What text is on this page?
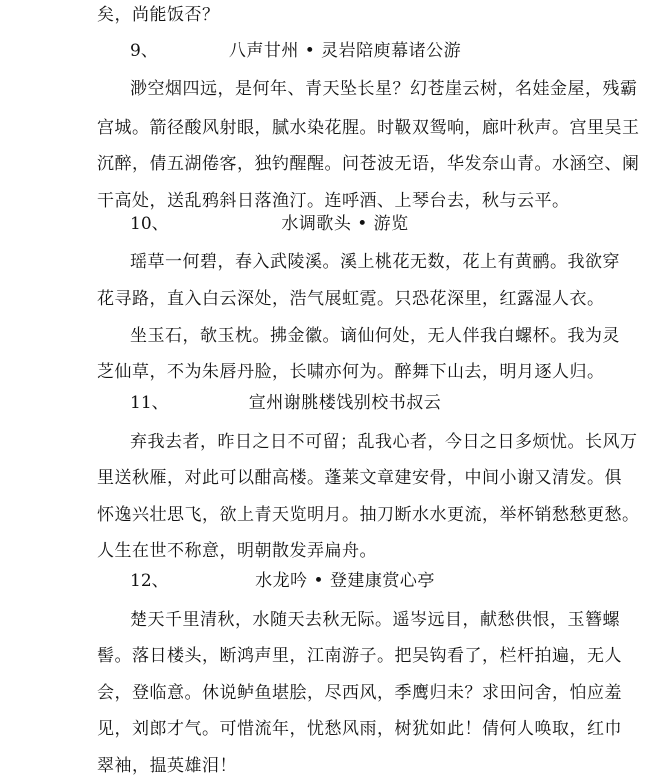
矣，尚能饭否？
9、	八声甘州 • 灵岩陪庾幕诸公游
渺空烟四远，是何年、青天坠长星？幻苍崖云树，名娃金屋，残霸
宫城。箭径酸风射眼，腻水染花腥。时靸双鸳响，廊叶秋声。宫里吴王
沉醉，倩五湖倦客，独钓醒醒。问苍波无语，华发奈山青。水涵空、阑
干高处，送乱鸦斜日落渔汀。连呼酒、上琴台去，秋与云平。
10、	水调歌头 • 游览
瑶草一何碧，春入武陵溪。溪上桃花无数，花上有黄鹂。我欲穿
花寻路，直入白云深处，浩气展虹霓。只恐花深里，红露湿人衣。
坐玉石，欹玉枕。拂金徽。谪仙何处，无人伴我白螺杯。我为灵
芝仙草，不为朱唇丹脸，长啸亦何为。醉舞下山去，明月逐人归。
11、	宣州谢朓楼饯别校书叔云
弃我去者，昨日之日不可留；乱我心者，今日之日多烦忧。长风万
里送秋雁，对此可以酣高楼。蓬莱文章建安骨，中间小谢又清发。俱
怀逸兴壮思飞，欲上青天览明月。抽刀断水水更流，举杯销愁愁更愁。
人生在世不称意，明朝散发弄扁舟。
12、	水龙吟 • 登建康赏心亭
楚天千里清秋，水随天去秋无际。遥岑远目，献愁供恨，玉簪螺
髻。落日楼头，断鸿声里，江南游子。把吴钩看了，栏杆拍遍，无人
会，登临意。休说鲈鱼堪脍，尽西风，季鹰归未？求田问舍，怕应羞
见，刘郎才气。可惜流年，忧愁风雨，树犹如此！倩何人唤取，红巾
翠袖，揾英雄泪！
